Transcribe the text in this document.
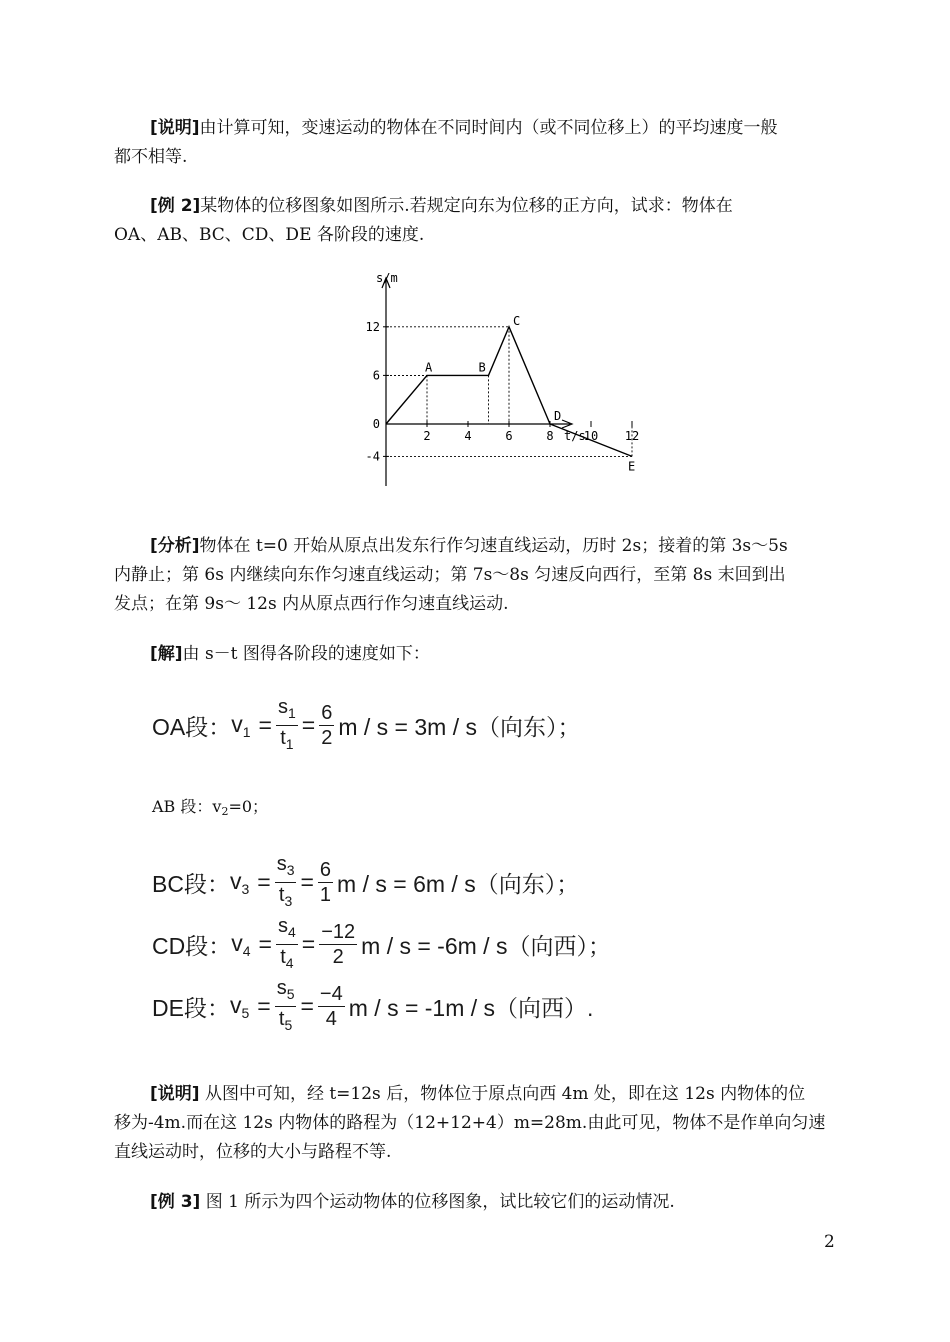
[说明]由计算可知，变速运动的物体在不同时间内（或不同位移上）的平均速度一般
都不相等.

[例 2]某物体的位移图象如图所示.若规定向东为位移的正方向，试求：物体在
OA、AB、BC、CD、DE 各阶段的速度.

s/m
t/s
12
6
0
-4
2	4	6	8	10 12
A	B
C
D
E

[分析]物体在 t=0 开始从原点出发东行作匀速直线运动，历时 2s；接着的第 3s～5s
内静止；第 6s 内继续向东作匀速直线运动；第 7s～8s 匀速反向西行，至第 8s 末回到出
发点；在第 9s～ 12s 内从原点西行作匀速直线运动.

[解]由 s－t 图得各阶段的速度如下：

OA段： $v_1 = \frac{s_1}{t_1} = \frac{6}{2}$ m / s = 3m / s（向东）；
AB 段：v2=0；
BC段： $v_3 = \frac{s_3}{t_3} = \frac{6}{1}$ m / s = 6m / s（向东）；
CD段： $v_4 = \frac{s_4}{t_4} = \frac{-12}{2}$ m / s = -6m / s（向西）；
DE段： $v_5 = \frac{s_5}{t_5} = \frac{-4}{4}$ m / s = -1m / s（向西）.

[说明] 从图中可知，经 t=12s 后，物体位于原点向西 4m 处，即在这 12s 内物体的位
移为-4m.而在这 12s 内物体的路程为（12+12+4）m=28m.由此可见，物体不是作单向匀速
直线运动时，位移的大小与路程不等.

[例 3] 图 1 所示为四个运动物体的位移图象，试比较它们的运动情况.

2
